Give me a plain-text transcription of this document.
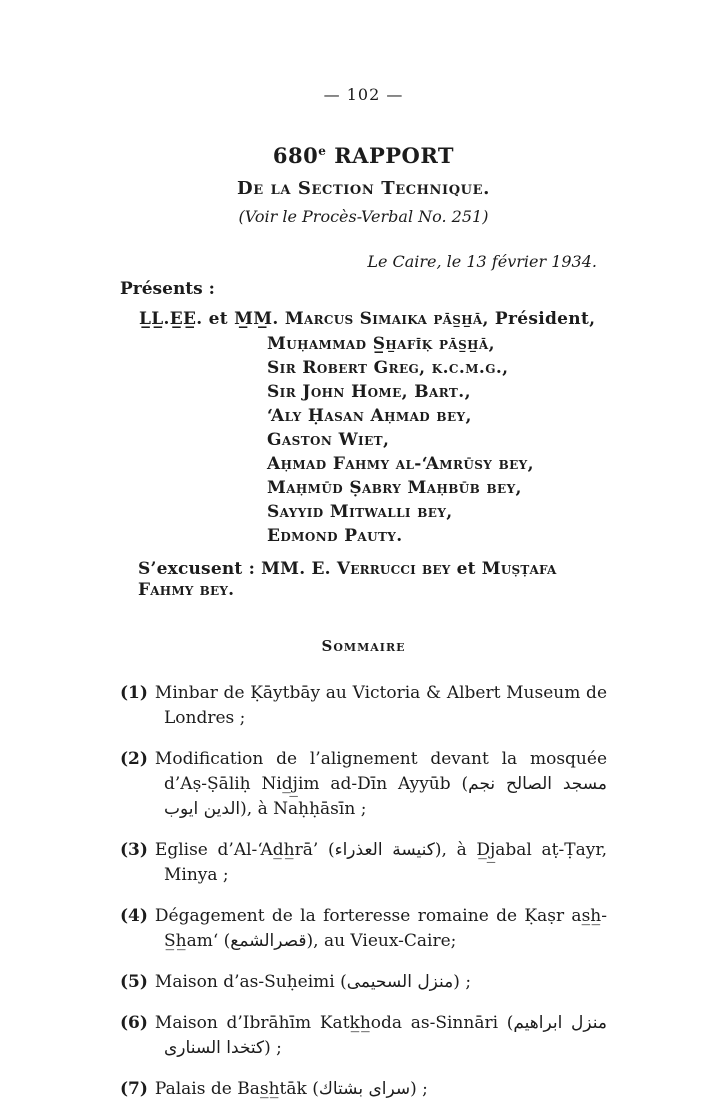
— 102 —
680e RAPPORT
De la Section Technique.
(Voir le Procès-Verbal No. 251)
Le Caire, le 13 février 1934.
Présents :
L̲L̲.E̲E̲. et M̲M̲. Marcus Simaika pās̲h̲ā, Président,
Muḥammad S̲h̲afīḳ pās̲h̲ā,
Sir Robert Greg, k.c.m.g.,
Sir John Home, Bart.,
‘Aly Ḥasan Aḥmad bey,
Gaston Wiet,
Aḥmad Fahmy al-‘Amrūsy bey,
Maḥmūd Ṣabry Maḥbūb bey,
Sayyid Mitwalli bey,
Edmond Pauty.
S’excusent : MM. E. Verrucci bey et Muṣṭafa Fahmy bey.
Sommaire
(1) Minbar de Ḳāytbāy au Victoria & Albert Museum de Londres ;
(2) Modification de l’alignement devant la mosquée d’Aṣ-Ṣāliḥ Nid̲j̲im ad-Dīn Ayyūb (مسجد الصالح نجم الدين ايوب), à Naḥḥāsīn ;
(3) Eglise d’Al-‘Ad̲h̲rā’ (كنيسة العذراء), à D̲j̲abal aṭ-Ṭayr, Minya ;
(4) Dégagement de la forteresse romaine de Ḳaṣr as̲h̲-S̲h̲am‘ (قصرالشمع), au Vieux-Caire;
(5) Maison d’as-Suḥeimi (منزل السحيمى) ;
(6) Maison d’Ibrāhīm Katk̲h̲oda as-Sinnāri (منزل ابراهيم كتخدا السنارى) ;
(7) Palais de Bas̲h̲tāk (سراى بشتاك) ;
